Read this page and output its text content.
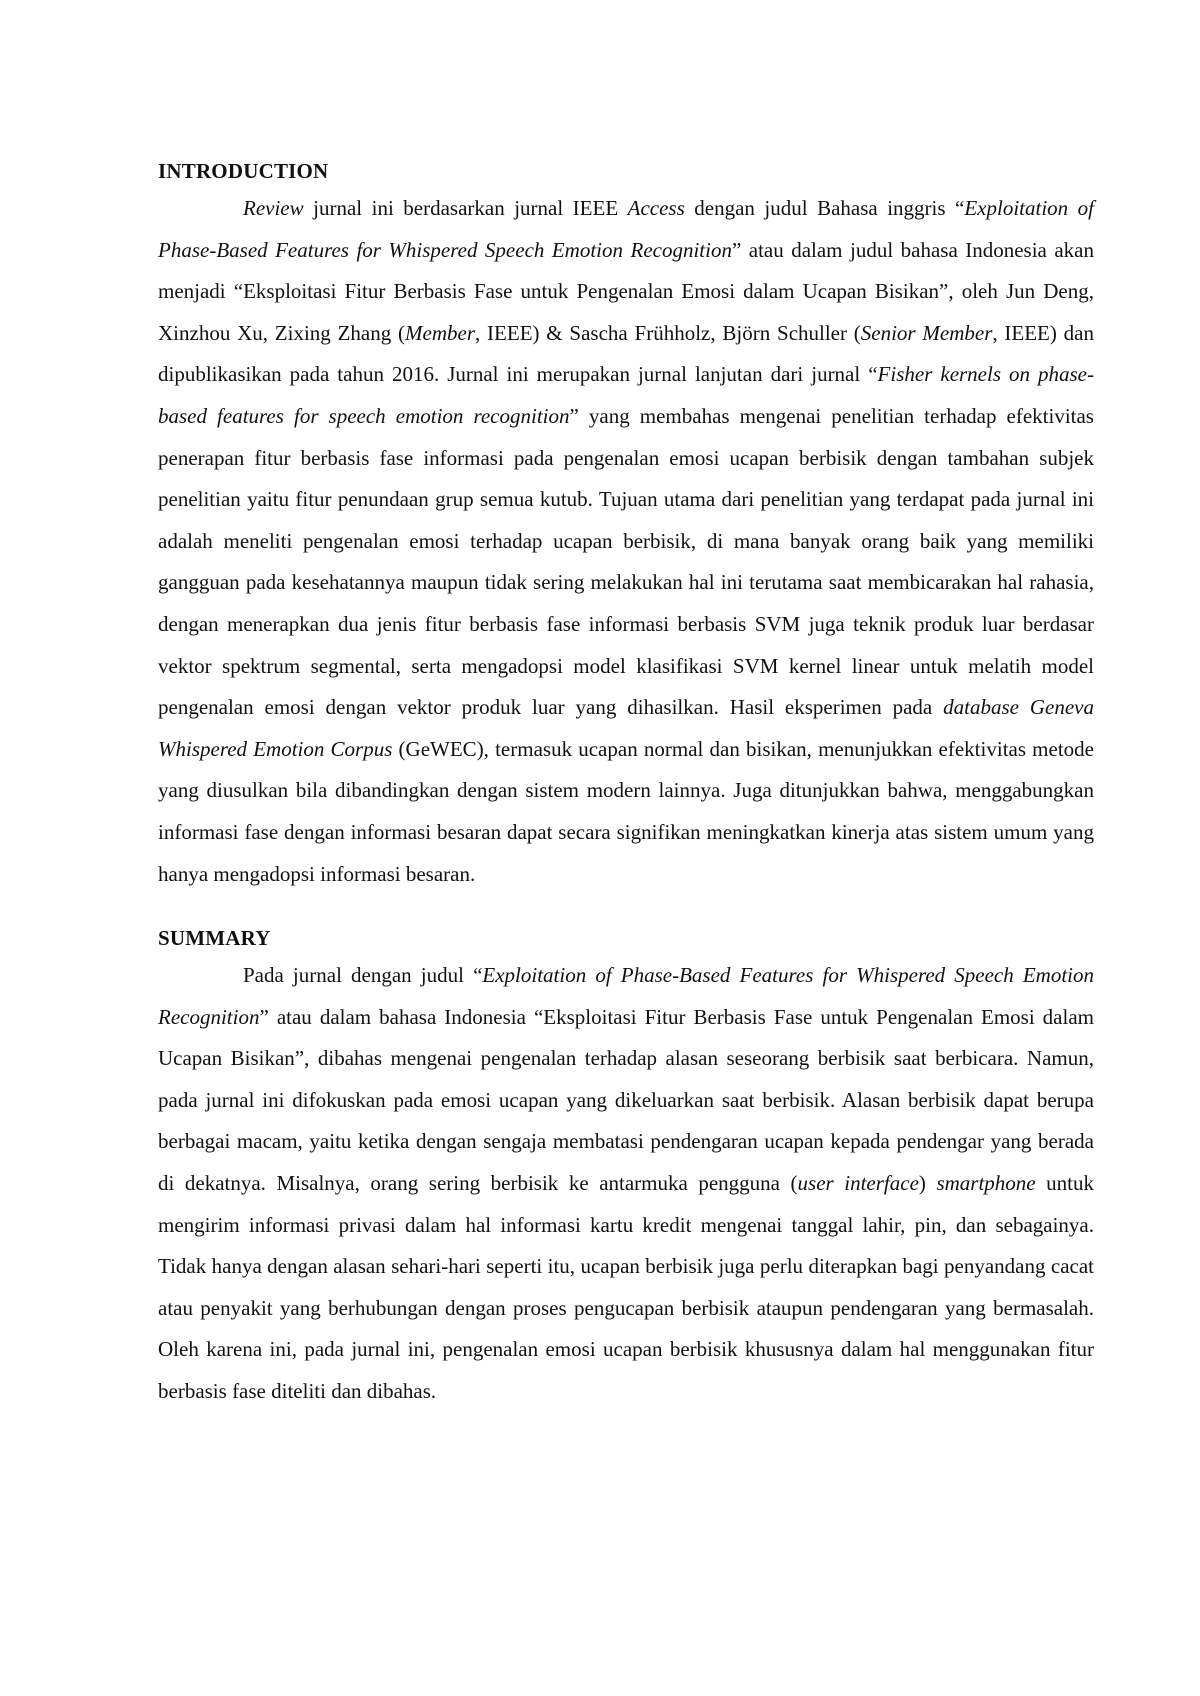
INTRODUCTION

Review jurnal ini berdasarkan jurnal IEEE Access dengan judul Bahasa inggris “Exploitation of Phase-Based Features for Whispered Speech Emotion Recognition” atau dalam judul bahasa Indonesia akan menjadi “Eksploitasi Fitur Berbasis Fase untuk Pengenalan Emosi dalam Ucapan Bisikan”, oleh Jun Deng, Xinzhou Xu, Zixing Zhang (Member, IEEE) & Sascha Frühholz, Björn Schuller (Senior Member, IEEE) dan dipublikasikan pada tahun 2016. Jurnal ini merupakan jurnal lanjutan dari jurnal “Fisher kernels on phase-based features for speech emotion recognition” yang membahas mengenai penelitian terhadap efektivitas penerapan fitur berbasis fase informasi pada pengenalan emosi ucapan berbisik dengan tambahan subjek penelitian yaitu fitur penundaan grup semua kutub. Tujuan utama dari penelitian yang terdapat pada jurnal ini adalah meneliti pengenalan emosi terhadap ucapan berbisik, di mana banyak orang baik yang memiliki gangguan pada kesehatannya maupun tidak sering melakukan hal ini terutama saat membicarakan hal rahasia, dengan menerapkan dua jenis fitur berbasis fase informasi berbasis SVM juga teknik produk luar berdasar vektor spektrum segmental, serta mengadopsi model klasifikasi SVM kernel linear untuk melatih model pengenalan emosi dengan vektor produk luar yang dihasilkan. Hasil eksperimen pada database Geneva Whispered Emotion Corpus (GeWEC), termasuk ucapan normal dan bisikan, menunjukkan efektivitas metode yang diusulkan bila dibandingkan dengan sistem modern lainnya. Juga ditunjukkan bahwa, menggabungkan informasi fase dengan informasi besaran dapat secara signifikan meningkatkan kinerja atas sistem umum yang hanya mengadopsi informasi besaran.

SUMMARY

Pada jurnal dengan judul “Exploitation of Phase-Based Features for Whispered Speech Emotion Recognition” atau dalam bahasa Indonesia “Eksploitasi Fitur Berbasis Fase untuk Pengenalan Emosi dalam Ucapan Bisikan”, dibahas mengenai pengenalan terhadap alasan seseorang berbisik saat berbicara. Namun, pada jurnal ini difokuskan pada emosi ucapan yang dikeluarkan saat berbisik. Alasan berbisik dapat berupa berbagai macam, yaitu ketika dengan sengaja membatasi pendengaran ucapan kepada pendengar yang berada di dekatnya. Misalnya, orang sering berbisik ke antarmuka pengguna (user interface) smartphone untuk mengirim informasi privasi dalam hal informasi kartu kredit mengenai tanggal lahir, pin, dan sebagainya. Tidak hanya dengan alasan sehari-hari seperti itu, ucapan berbisik juga perlu diterapkan bagi penyandang cacat atau penyakit yang berhubungan dengan proses pengucapan berbisik ataupun pendengaran yang bermasalah. Oleh karena ini, pada jurnal ini, pengenalan emosi ucapan berbisik khususnya dalam hal menggunakan fitur berbasis fase diteliti dan dibahas.
